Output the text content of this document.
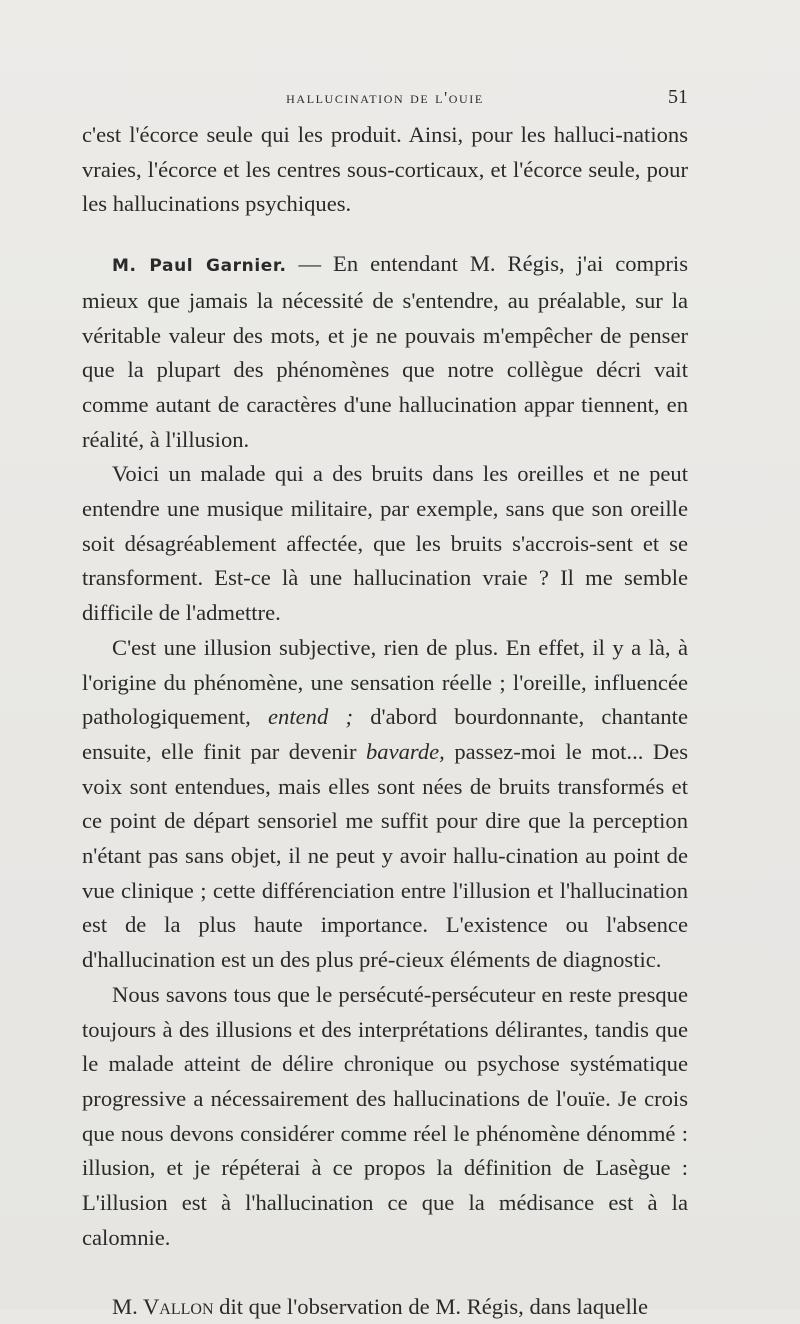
hallucination de l'ouie	51

c'est l'écorce seule qui les produit. Ainsi, pour les halluci-nations vraies, l'écorce et les centres sous-corticaux, et l'écorce seule, pour les hallucinations psychiques.

M. Paul Garnier. — En entendant M. Régis, j'ai compris mieux que jamais la nécessité de s'entendre, au préalable, sur la véritable valeur des mots, et je ne pouvais m'empêcher de penser que la plupart des phénomènes que notre collègue décri vait comme autant de caractères d'une hallucination appar tiennent, en réalité, à l'illusion.

Voici un malade qui a des bruits dans les oreilles et ne peut entendre une musique militaire, par exemple, sans que son oreille soit désagréablement affectée, que les bruits s'accrois-sent et se transforment. Est-ce là une hallucination vraie ? Il me semble difficile de l'admettre.

C'est une illusion subjective, rien de plus. En effet, il y a là, à l'origine du phénomène, une sensation réelle ; l'oreille, influencée pathologiquement, entend ; d'abord bourdonnante, chantante ensuite, elle finit par devenir bavarde, passez-moi le mot... Des voix sont entendues, mais elles sont nées de bruits transformés et ce point de départ sensoriel me suffit pour dire que la perception n'étant pas sans objet, il ne peut y avoir hallu-cination au point de vue clinique ; cette différenciation entre l'illusion et l'hallucination est de la plus haute importance. L'existence ou l'absence d'hallucination est un des plus pré-cieux éléments de diagnostic.

Nous savons tous que le persécuté-persécuteur en reste presque toujours à des illusions et des interprétations délirantes, tandis que le malade atteint de délire chronique ou psychose systématique progressive a nécessairement des hallucinations de l'ouïe. Je crois que nous devons considérer comme réel le phénomène dénommé : illusion, et je répéterai à ce propos la définition de Lasègue : L'illusion est à l'hallucination ce que la médisance est à la calomnie.

M. Vallon dit que l'observation de M. Régis, dans laquelle
